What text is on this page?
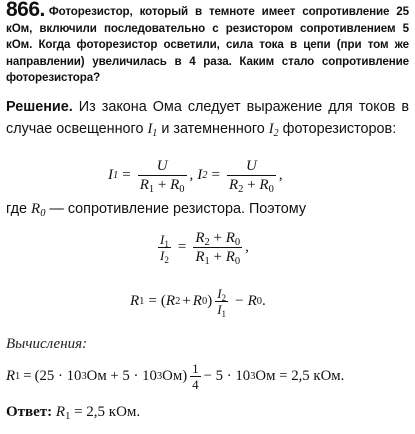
866. Фоторезистор, который в темноте имеет сопротивление 25 кОм, включили последовательно с резистором сопротивлением 5 кОм. Когда фоторезистор осветили, сила тока в цепи (при том же направлении) увеличилась в 4 раза. Каким стало сопротивление фоторезистора?
Решение. Из закона Ома следует выражение для токов в случае освещенного $I_1$ и затемненного $I_2$ фоторезисторов:
I $1 = \frac{U}{R_1 + R_0}$ , I $2 = \frac{U}{R_2 + R_0}$ ,
где $R_0$ — сопротивление резистора. Поэтому
$\frac{I_1}{I_2} = \frac{R_2 + R_0}{R_1 + R_0}$ ,
R 1 = ( R 2 + R 0 ) $\frac{I_2}{I_1} - R$ 0 .
Вычисления:
R 1 = (25 · 10 3 Ом + 5 · 10 3 $Ом) \frac{1}{4} - 5 \cdot 10$ 3 Ом = 2,5 кОм.
Ответ: $R_1 = 2,5$ кОм.
